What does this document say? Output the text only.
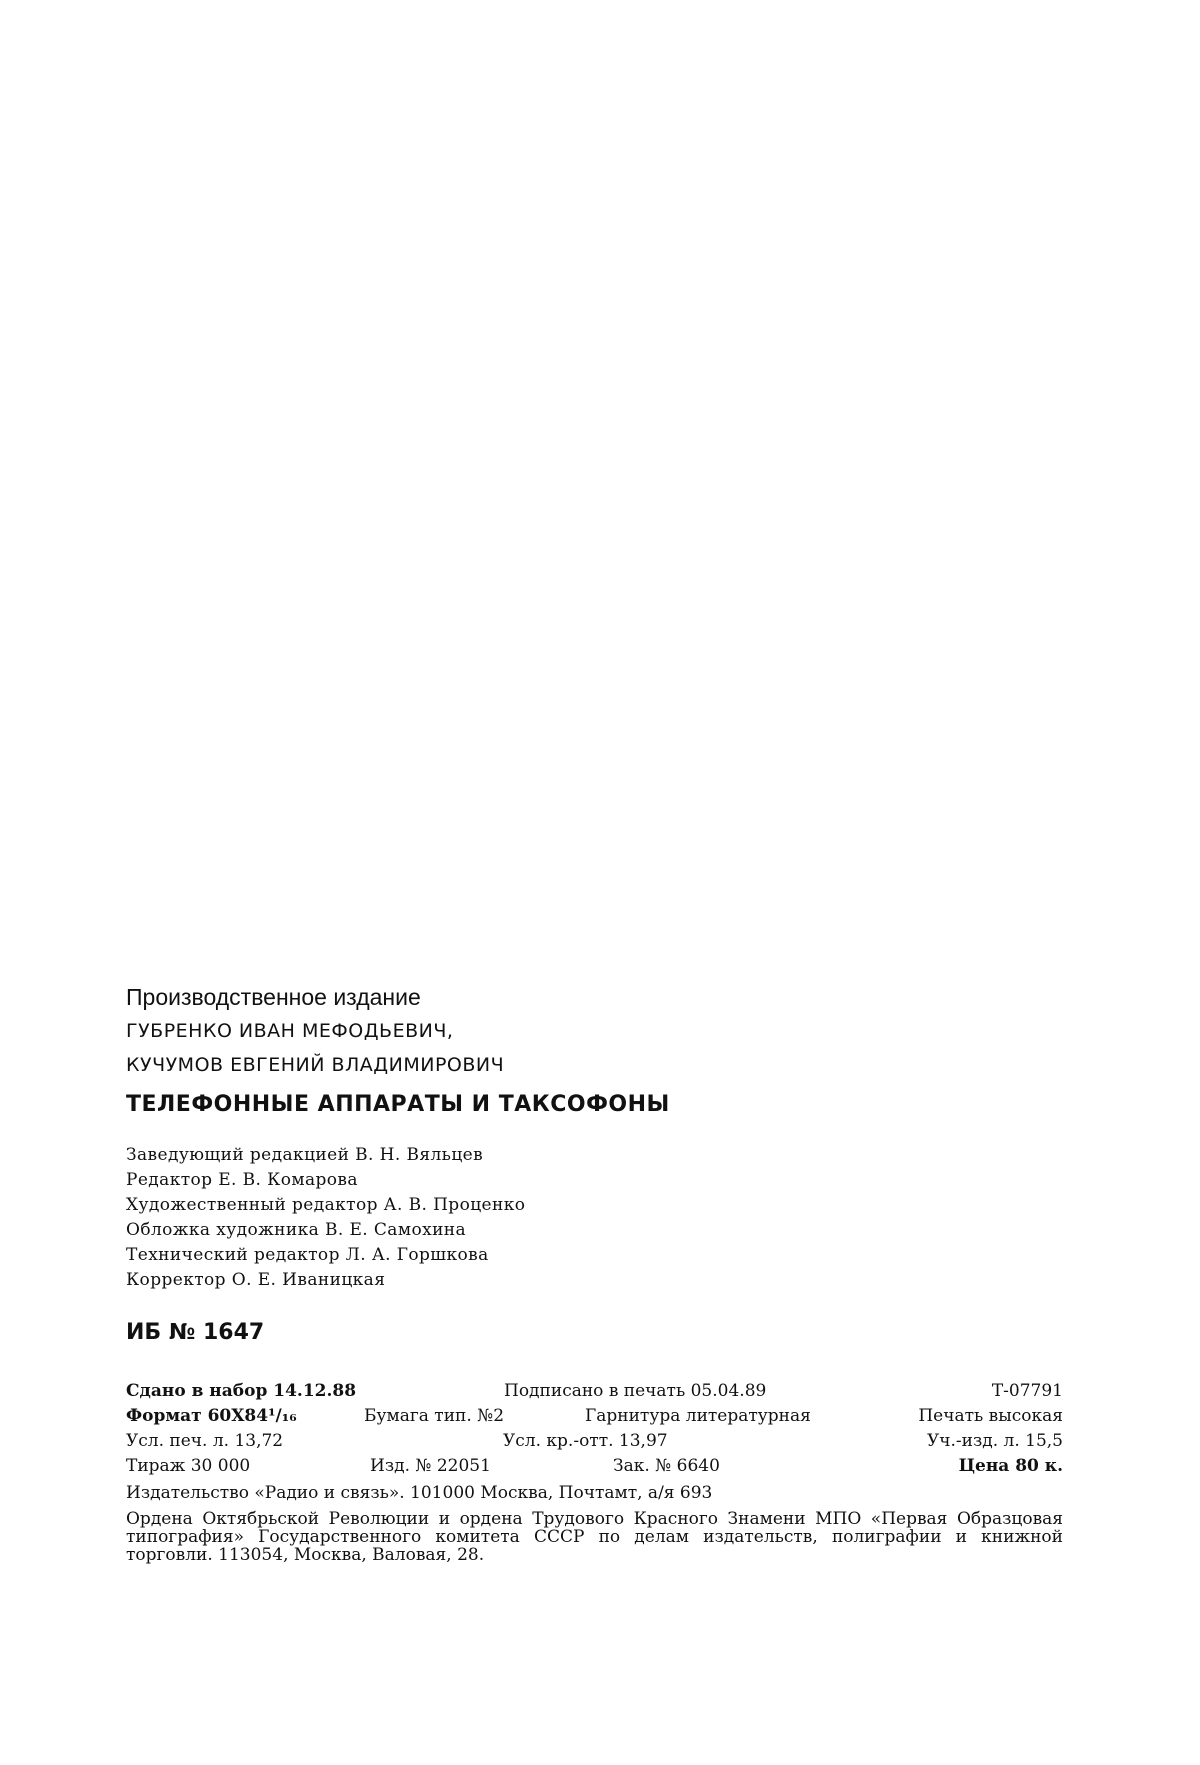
Производственное издание
ГУБРЕНКО ИВАН МЕФОДЬЕВИЧ,
КУЧУМОВ ЕВГЕНИЙ ВЛАДИМИРОВИЧ
ТЕЛЕФОННЫЕ АППАРАТЫ И ТАКСОФОНЫ
Заведующий редакцией В. Н. Вяльцев
Редактор Е. В. Комарова
Художественный редактор А. В. Проценко
Обложка художника В. Е. Самохина
Технический редактор Л. А. Горшкова
Корректор О. Е. Иваницкая
ИБ № 1647
Сдано в набор 14.12.88	Подписано в печать 05.04.89	Т-07791
Формат 60Х84¹/₁₆	Бумага тип. №2	Гарнитура литературная	Печать высокая
Усл. печ. л. 13,72	Усл. кр.-отт. 13,97	Уч.-изд. л. 15,5
Тираж 30 000	Изд. № 22051	Зак. № 6640	Цена 80 к.
Издательство «Радио и связь». 101000 Москва, Почтамт, а/я 693
Ордена Октябрьской Революции и ордена Трудового Красного Знамени МПО «Первая Образцовая типография» Государственного комитета СССР по делам издательств, полиграфии и книжной торговли. 113054, Москва, Валовая, 28.
